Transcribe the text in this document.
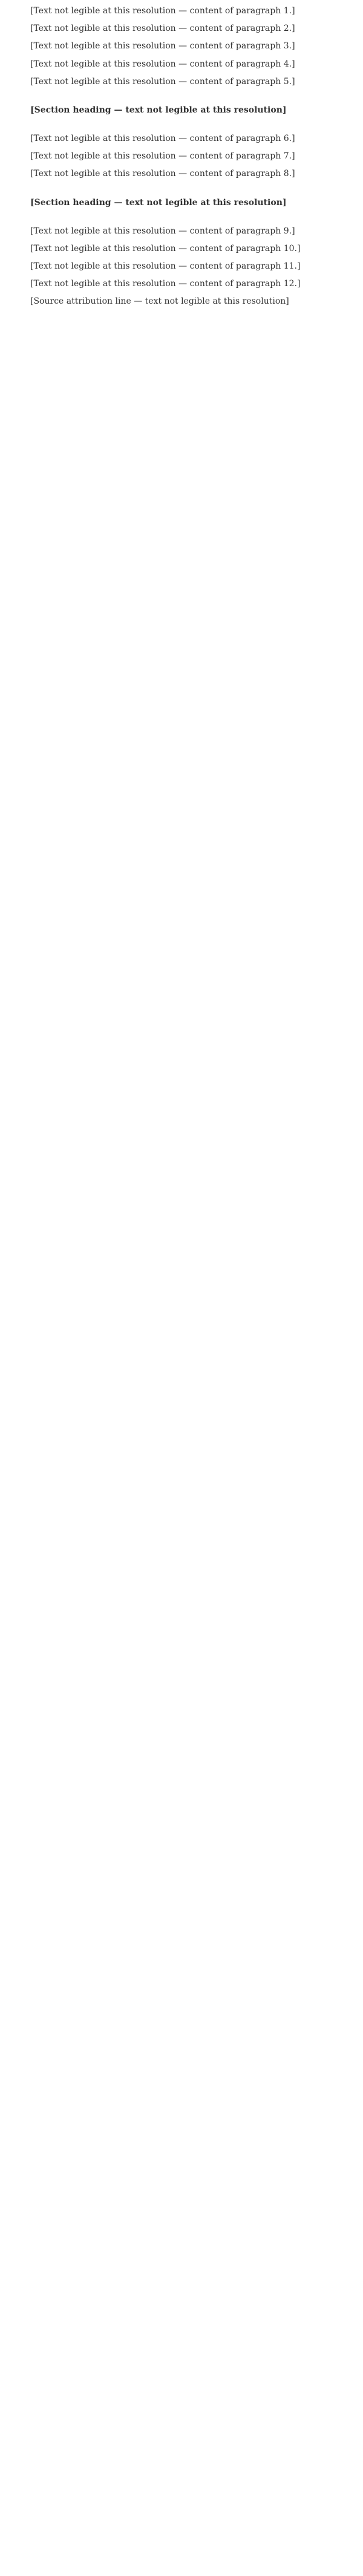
[Text not legible at this resolution — content of paragraph 1.]

[Text not legible at this resolution — content of paragraph 2.]

[Text not legible at this resolution — content of paragraph 3.]

[Text not legible at this resolution — content of paragraph 4.]

[Text not legible at this resolution — content of paragraph 5.]

[Section heading — text not legible at this resolution]

[Text not legible at this resolution — content of paragraph 6.]

[Text not legible at this resolution — content of paragraph 7.]

[Text not legible at this resolution — content of paragraph 8.]

[Section heading — text not legible at this resolution]

[Text not legible at this resolution — content of paragraph 9.]

[Text not legible at this resolution — content of paragraph 10.]

[Text not legible at this resolution — content of paragraph 11.]

[Text not legible at this resolution — content of paragraph 12.]

[Source attribution line — text not legible at this resolution]
